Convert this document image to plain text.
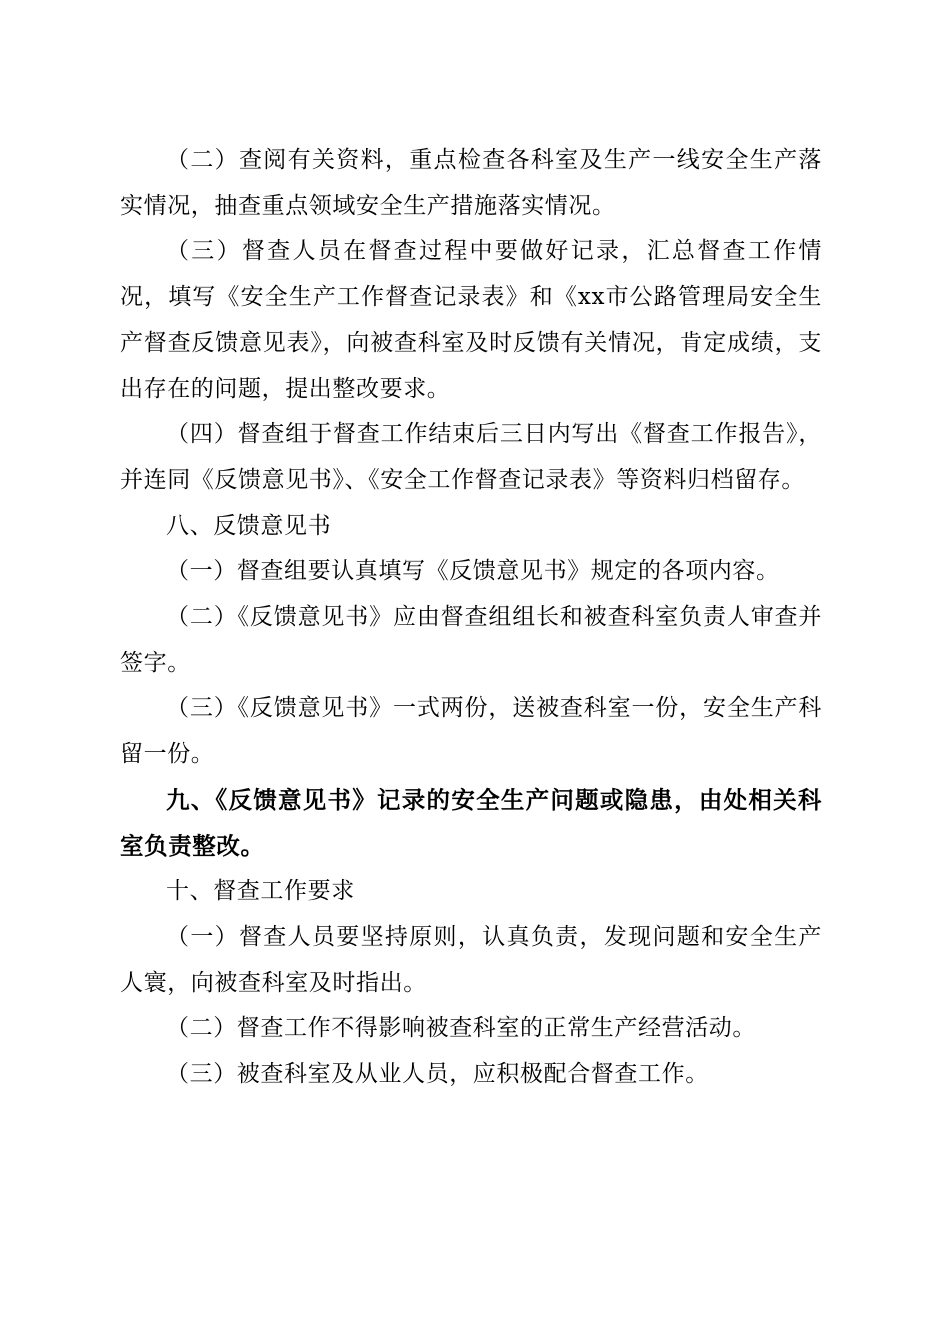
（二）查阅有关资料，重点检查各科室及生产一线安全生产落实情况，抽查重点领域安全生产措施落实情况。

（三）督查人员在督查过程中要做好记录，汇总督查工作情况，填写《安全生产工作督查记录表》和《xx市公路管理局安全生产督查反馈意见表》，向被查科室及时反馈有关情况，肯定成绩，支出存在的问题，提出整改要求。

（四）督查组于督查工作结束后三日内写出《督查工作报告》，并连同《反馈意见书》、《安全工作督查记录表》等资料归档留存。

八、反馈意见书

（一）督查组要认真填写《反馈意见书》规定的各项内容。

（二）《反馈意见书》应由督查组组长和被查科室负责人审查并签字。

（三）《反馈意见书》一式两份，送被查科室一份，安全生产科留一份。

九、《反馈意见书》记录的安全生产问题或隐患，由处相关科室负责整改。

十、督查工作要求

（一）督查人员要坚持原则，认真负责，发现问题和安全生产人寰，向被查科室及时指出。

（二）督查工作不得影响被查科室的正常生产经营活动。

（三）被查科室及从业人员，应积极配合督查工作。
